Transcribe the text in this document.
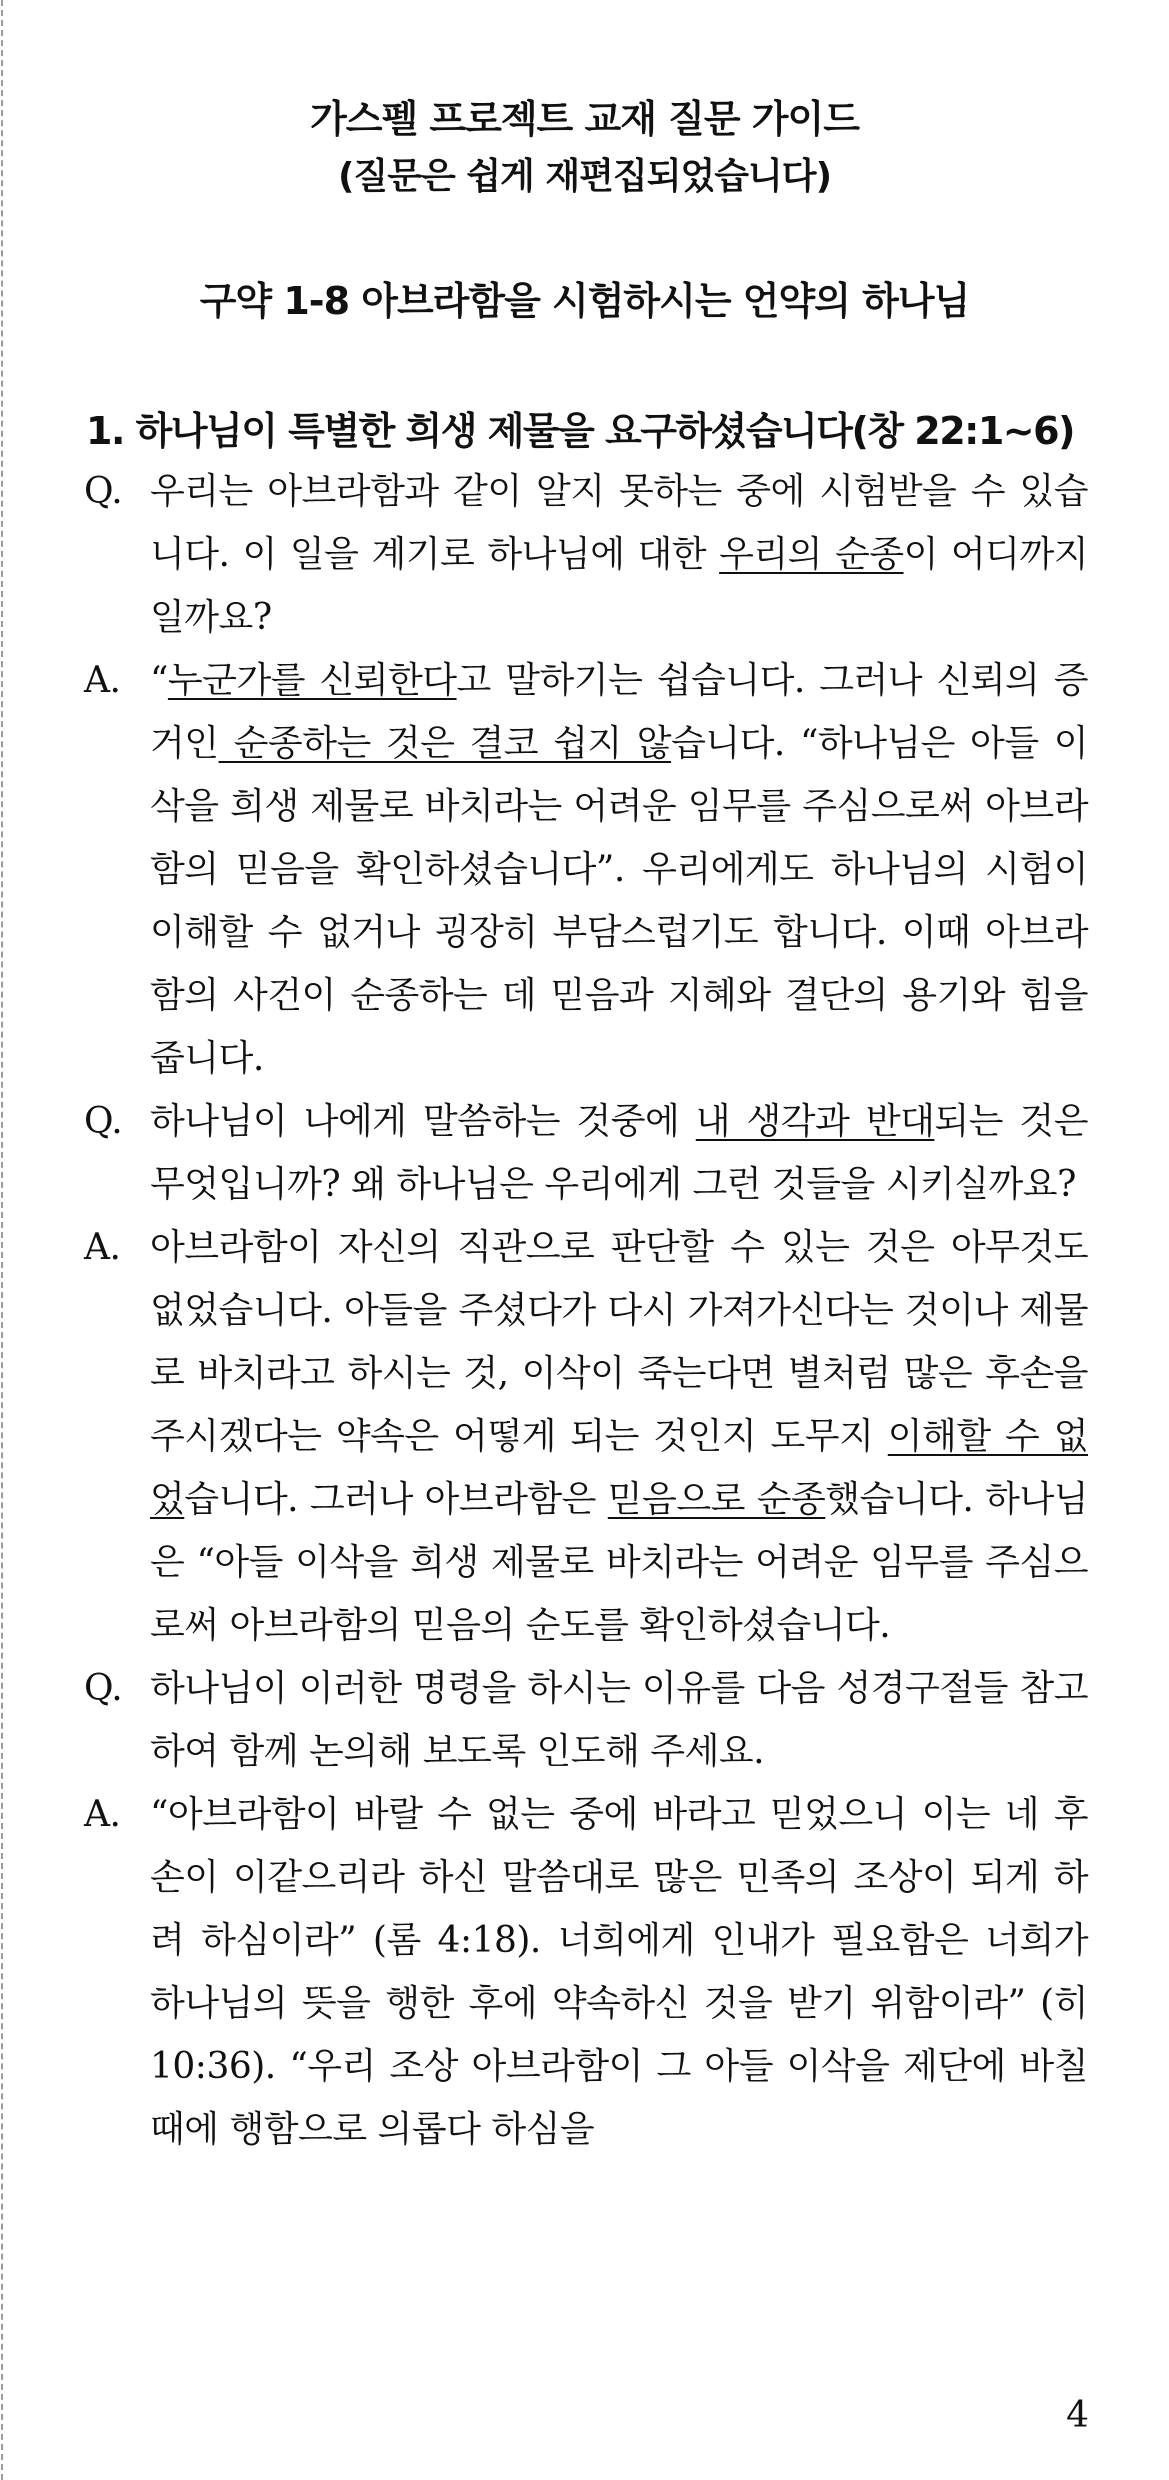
가스펠 프로젝트 교재 질문 가이드
(질문은 쉽게 재편집되었습니다)
구약 1-8 아브라함을 시험하시는 언약의 하나님
1. 하나님이 특별한 희생 제물을 요구하셨습니다(창 22:1~6)
Q. 우리는 아브라함과 같이 알지 못하는 중에 시험받을 수 있습니다. 이 일을 계기로 하나님에 대한 우리의 순종이 어디까지 일까요?
A. “누군가를 신뢰한다고 말하기는 쉽습니다. 그러나 신뢰의 증거인 순종하는 것은 결코 쉽지 않습니다. “하나님은 아들 이삭을 희생 제물로 바치라는 어려운 임무를 주심으로써 아브라함의 믿음을 확인하셨습니다”. 우리에게도 하나님의 시험이 이해할 수 없거나 굉장히 부담스럽기도 합니다. 이때 아브라함의 사건이 순종하는 데 믿음과 지혜와 결단의 용기와 힘을 줍니다.
Q. 하나님이 나에게 말씀하는 것중에 내 생각과 반대되는 것은 무엇입니까? 왜 하나님은 우리에게 그런 것들을 시키실까요?
A. 아브라함이 자신의 직관으로 판단할 수 있는 것은 아무것도 없었습니다. 아들을 주셨다가 다시 가져가신다는 것이나 제물로 바치라고 하시는 것, 이삭이 죽는다면 별처럼 많은 후손을 주시겠다는 약속은 어떻게 되는 것인지 도무지 이해할 수 없었습니다. 그러나 아브라함은 믿음으로 순종했습니다. 하나님은 “아들 이삭을 희생 제물로 바치라는 어려운 임무를 주심으로써 아브라함의 믿음의 순도를 확인하셨습니다.
Q. 하나님이 이러한 명령을 하시는 이유를 다음 성경구절들 참고하여 함께 논의해 보도록 인도해 주세요.
A. “아브라함이 바랄 수 없는 중에 바라고 믿었으니 이는 네 후손이 이같으리라 하신 말씀대로 많은 민족의 조상이 되게 하려 하심이라” (롬 4:18). 너희에게 인내가 필요함은 너희가 하나님의 뜻을 행한 후에 약속하신 것을 받기 위함이라” (히 10:36). “우리 조상 아브라함이 그 아들 이삭을 제단에 바칠 때에 행함으로 의롭다 하심을
4
